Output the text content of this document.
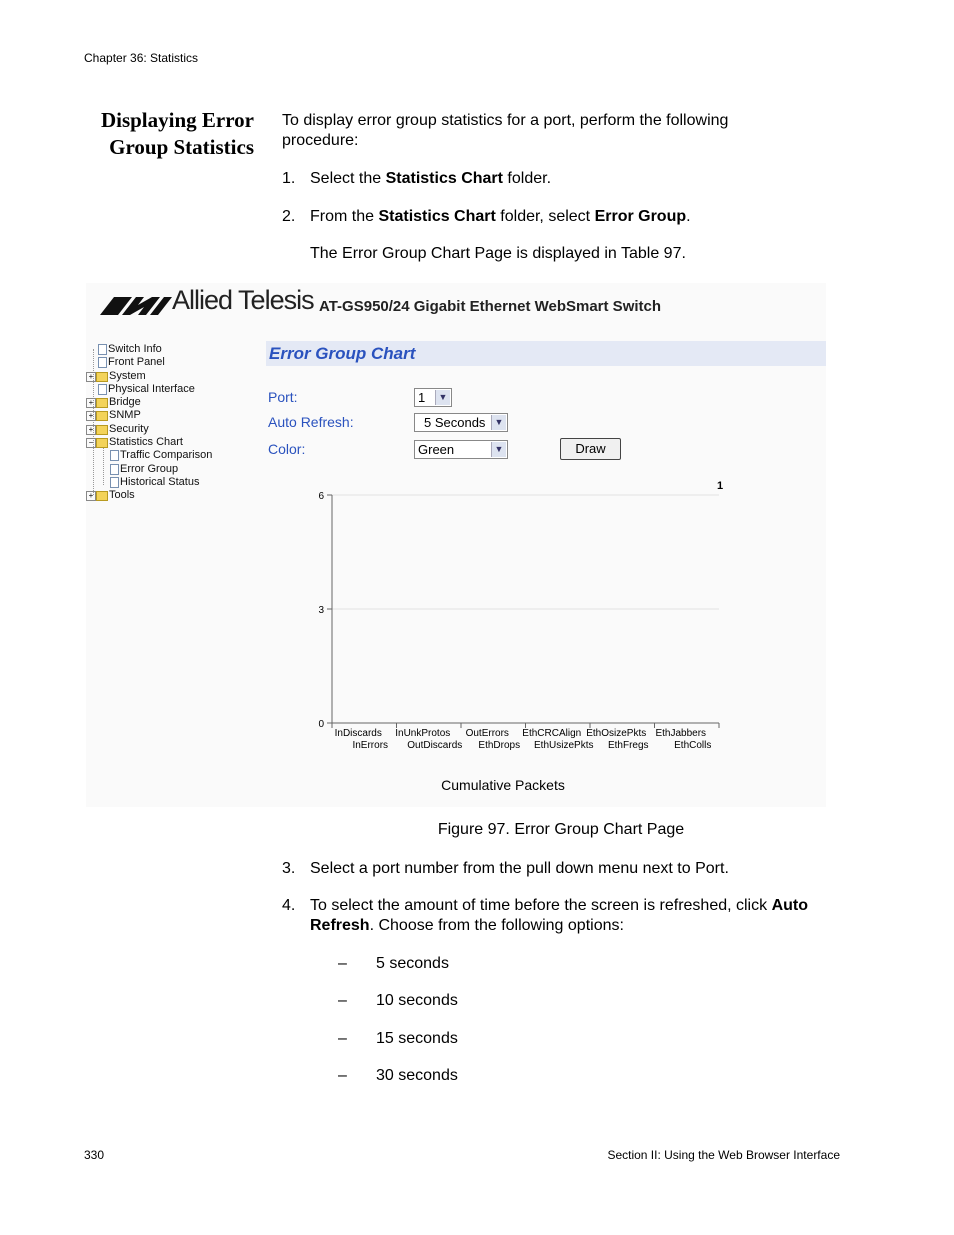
Chapter 36: Statistics
Displaying Error Group Statistics
To display error group statistics for a port, perform the following procedure:
1. Select the Statistics Chart folder.
2. From the Statistics Chart folder, select Error Group.
The Error Group Chart Page is displayed in Table 97.
Allied Telesis AT-GS950/24 Gigabit Ethernet WebSmart Switch
Switch Info
Front Panel
+ System
Physical Interface
+ Bridge
+ SNMP
+ Security
− Statistics Chart
Traffic Comparison
Error Group
Historical Status
+ Tools
Error Group Chart
Port:	1	▼
Auto Refresh:	5 Seconds	▼
Color:	Green	▼	Draw
0
3
6
InDiscards
InErrors
InUnkProtos
OutDiscards
OutErrors
EthDrops
EthCRCAlign
EthUsizePkts
EthOsizePkts
EthFregs
EthJabbers
EthColls
1
Cumulative Packets
Figure 97. Error Group Chart Page
3. Select a port number from the pull down menu next to Port.
4. To select the amount of time before the screen is refreshed, click Auto Refresh. Choose from the following options:
– 5 seconds
– 10 seconds
– 15 seconds
– 30 seconds
330	Section II: Using the Web Browser Interface
